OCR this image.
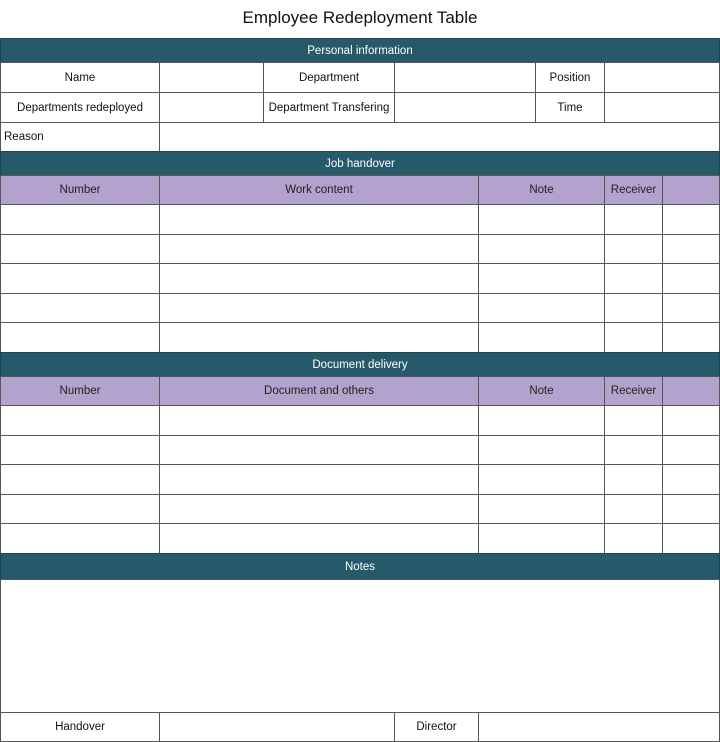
Employee Redeployment Table
Personal information
Name	Department	Position
Departments redeployed	Department Transfering	Time
Reason
Job handover
Number	Work content	Note	Receiver
Document delivery
Number	Document and others	Note	Receiver
Notes
Handover	Director
